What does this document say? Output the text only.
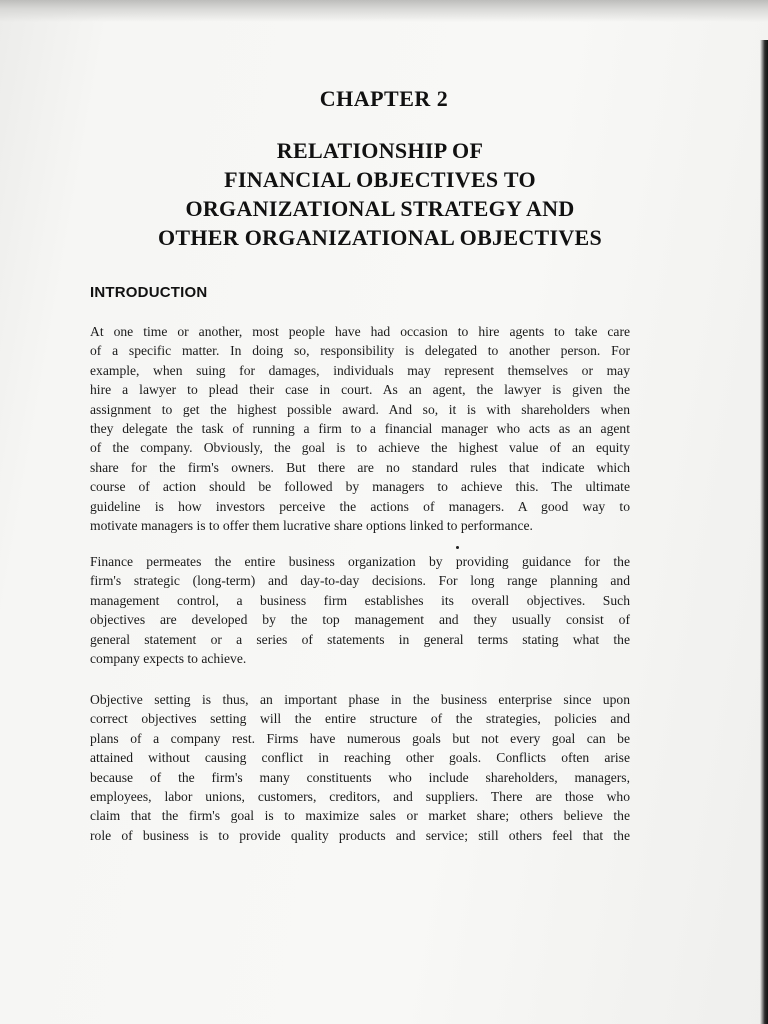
CHAPTER 2
RELATIONSHIP OF
FINANCIAL OBJECTIVES TO
ORGANIZATIONAL STRATEGY AND
OTHER ORGANIZATIONAL OBJECTIVES
INTRODUCTION
At one time or another, most people have had occasion to hire agents to take care
of a specific matter. In doing so, responsibility is delegated to another person. For
example, when suing for damages, individuals may represent themselves or may
hire a lawyer to plead their case in court. As an agent, the lawyer is given the
assignment to get the highest possible award. And so, it is with shareholders when
they delegate the task of running a firm to a financial manager who acts as an agent
of the company. Obviously, the goal is to achieve the highest value of an equity
share for the firm's owners. But there are no standard rules that indicate which
course of action should be followed by managers to achieve this. The ultimate
guideline is how investors perceive the actions of managers. A good way to
motivate managers is to offer them lucrative share options linked to performance.
Finance permeates the entire business organization by providing guidance for the
firm's strategic (long-term) and day-to-day decisions. For long range planning and
management control, a business firm establishes its overall objectives. Such
objectives are developed by the top management and they usually consist of
general statement or a series of statements in general terms stating what the
company expects to achieve.
Objective setting is thus, an important phase in the business enterprise since upon
correct objectives setting will the entire structure of the strategies, policies and
plans of a company rest. Firms have numerous goals but not every goal can be
attained without causing conflict in reaching other goals. Conflicts often arise
because of the firm's many constituents who include shareholders, managers,
employees, labor unions, customers, creditors, and suppliers. There are those who
claim that the firm's goal is to maximize sales or market share; others believe the
role of business is to provide quality products and service; still others feel that the
